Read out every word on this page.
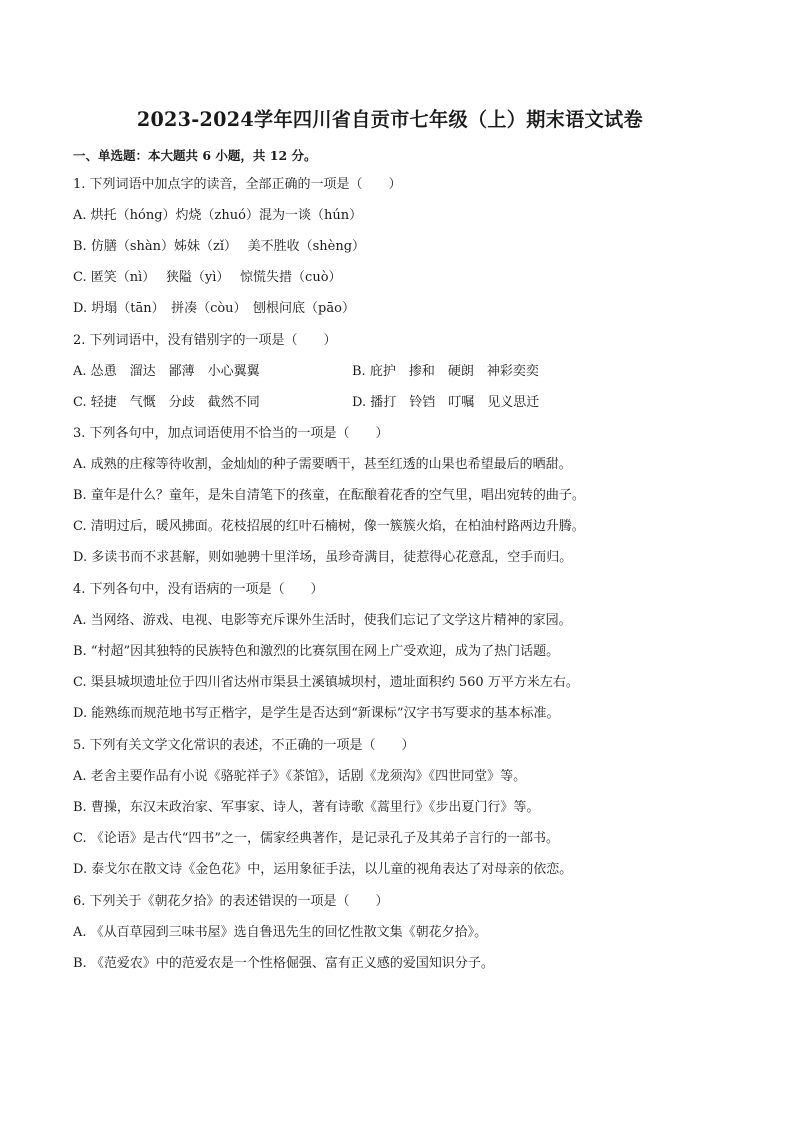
2023-2024学年四川省自贡市七年级（上）期末语文试卷
一、单选题：本大题共 6 小题，共 12 分。
1. 下列词语中加点字的读音，全部正确的一项是（　　）
A. 烘托（hóng）灼烧（zhuó）混为一谈（hún）
B. 仿膳（shàn）姊妹（zǐ）　 美不胜收（shèng）
C. 匿笑（nì）　 狭隘（yì）　 惊慌失措（cuò）
D. 坍塌（tān）　拼凑（còu）　刨根问底（pāo）
2. 下列词语中，没有错别字的一项是（　　）
A. 怂恿　溜达　鄙薄　小心翼翼	B. 庇护　掺和　硬朗　神彩奕奕
C. 轻捷　气慨　分歧　截然不同	D. 播打　铃铛　叮嘱　见义思迁
3. 下列各句中，加点词语使用不恰当的一项是（　　）
A. 成熟的庄稼等待收割，金灿灿的种子需要晒干，甚至红透的山果也希望最后的晒甜。
B. 童年是什么？童年，是朱自清笔下的孩童，在酝酿着花香的空气里，唱出宛转的曲子。
C. 清明过后，暖风拂面。花枝招展的红叶石楠树，像一簇簇火焰，在柏油村路两边升腾。
D. 多读书而不求甚解，则如驰骋十里洋场，虽珍奇满目，徒惹得心花意乱，空手而归。
4. 下列各句中，没有语病的一项是（　　）
A. 当网络、游戏、电视、电影等充斥课外生活时，使我们忘记了文学这片精神的家园。
B. “村超”因其独特的民族特色和激烈的比赛氛围在网上广受欢迎，成为了热门话题。
C. 渠县城坝遗址位于四川省达州市渠县土溪镇城坝村，遗址面积约 560 万平方米左右。
D. 能熟练而规范地书写正楷字，是学生是否达到“新课标”汉字书写要求的基本标准。
5. 下列有关文学文化常识的表述，不正确的一项是（　　）
A. 老舍主要作品有小说《骆驼祥子》《茶馆》，话剧《龙须沟》《四世同堂》等。
B. 曹操，东汉末政治家、军事家、诗人，著有诗歌《蒿里行》《步出夏门行》等。
C. 《论语》是古代“四书”之一，儒家经典著作，是记录孔子及其弟子言行的一部书。
D. 泰戈尔在散文诗《金色花》中，运用象征手法，以儿童的视角表达了对母亲的依恋。
6. 下列关于《朝花夕拾》的表述错误的一项是（　　）
A. 《从百草园到三味书屋》选自鲁迅先生的回忆性散文集《朝花夕拾》。
B. 《范爱农》中的范爱农是一个性格倔强、富有正义感的爱国知识分子。
